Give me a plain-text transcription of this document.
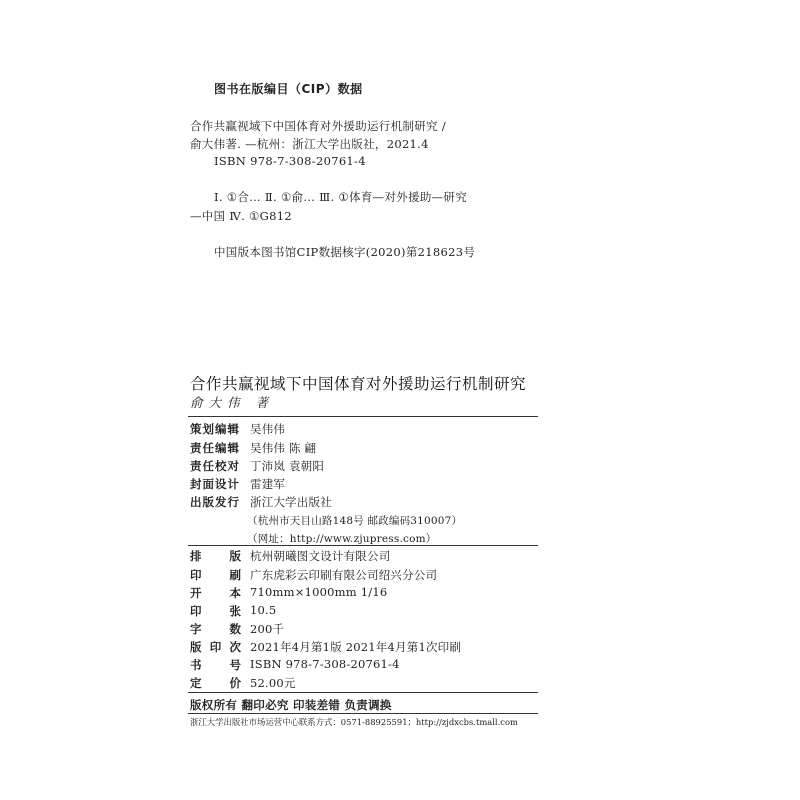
图书在版编目（CIP）数据
合作共赢视域下中国体育对外援助运行机制研究 /
俞大伟著. —杭州：浙江大学出版社，2021.4
ISBN 978-7-308-20761-4
Ⅰ. ①合… Ⅱ. ①俞… Ⅲ. ①体育—对外援助—研究
—中国 Ⅳ. ①G812
中国版本图书馆CIP数据核字(2020)第218623号
合作共赢视域下中国体育对外援助运行机制研究
俞大伟 著
策划编辑 吴伟伟
责任编辑 吴伟伟 陈 翩
责任校对 丁沛岚 袁朝阳
封面设计 雷建军
出版发行 浙江大学出版社
（杭州市天目山路148号 邮政编码310007）
（网址：http://www.zjupress.com）
排版 杭州朝曦图文设计有限公司
印刷 广东虎彩云印刷有限公司绍兴分公司
开本 710mm×1000mm 1/16
印张 10.5
字数 200千
版印次 2021年4月第1版 2021年4月第1次印刷
书号 ISBN 978-7-308-20761-4
定价 52.00元
版权所有 翻印必究 印装差错 负责调换
浙江大学出版社市场运营中心联系方式：0571-88925591；http://zjdxcbs.tmall.com
